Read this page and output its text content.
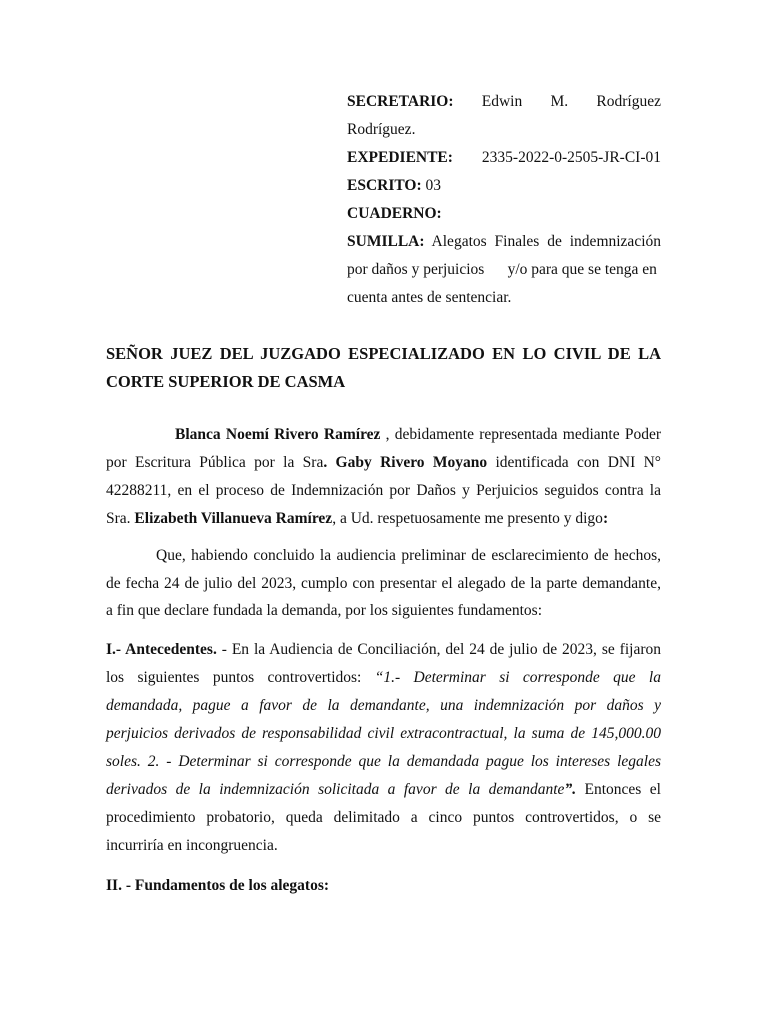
SECRETARIO: Edwin M. Rodríguez
Rodríguez.
EXPEDIENTE: 2335-2022-0-2505-JR-CI-01
ESCRITO: 03
CUADERNO:
SUMILLA: Alegatos Finales de indemnización
por daños y perjuicios      y/o para que se tenga en
cuenta antes de sentenciar.
SEÑOR JUEZ DEL JUZGADO ESPECIALIZADO EN LO CIVIL DE LA
CORTE SUPERIOR DE CASMA
Blanca Noemí Rivero Ramírez , debidamente representada mediante Poder
por Escritura Pública por la Sra. Gaby Rivero Moyano identificada con DNI N°
42288211, en el proceso de Indemnización por Daños y Perjuicios seguidos contra la
Sra. Elizabeth Villanueva Ramírez, a Ud. respetuosamente me presento y digo:
Que, habiendo concluido la audiencia preliminar de esclarecimiento de hechos,
de fecha 24 de julio del 2023, cumplo con presentar el alegado de la parte demandante,
a fin que declare fundada la demanda, por los siguientes fundamentos:
I.- Antecedentes. - En la Audiencia de Conciliación, del 24 de julio de 2023, se fijaron
los siguientes puntos controvertidos: “1.- Determinar si corresponde que la
demandada, pague a favor de la demandante, una indemnización por daños y
perjuicios derivados de responsabilidad civil extracontractual, la suma de 145,000.00
soles. 2. - Determinar si corresponde que la demandada pague los intereses legales
derivados de la indemnización solicitada a favor de la demandante”. Entonces el
procedimiento probatorio, queda delimitado a cinco puntos controvertidos, o se
incurriría en incongruencia.
II. - Fundamentos de los alegatos:
